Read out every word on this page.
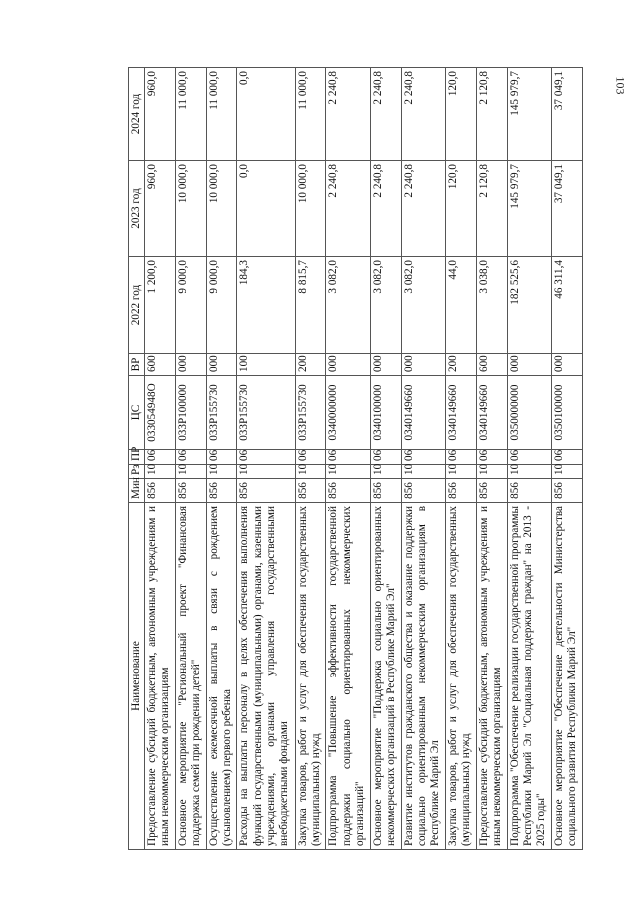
103
Наименование	Мин	Рз	ПР	ЦС	ВР	2022 год	2023 год	2024 год
Предоставление субсидий бюджетным, автономным учреждениям и иным некоммерческим организациям	856	10	06	033054948О	600	1 200,0	960,0	960,0
Основное мероприятие "Региональный проект "Финансовая поддержка семей при рождении детей"	856	10	06	033Р100000	000	9 000,0	10 000,0	11 000,0
Осуществление ежемесячной выплаты в связи с рождением (усыновлением) первого ребенка	856	10	06	033Р155730	000	9 000,0	10 000,0	11 000,0
Расходы на выплаты персоналу в целях обеспечения выполнения функций государственными (муниципальными) органами, казенными учреждениями, органами управления государственными внебюджетными фондами	856	10	06	033Р155730	100	184,3	0,0	0,0
Закупка товаров, работ и услуг для обеспечения государственных (муниципальных) нужд	856	10	06	033Р155730	200	8 815,7	10 000,0	11 000,0
Подпрограмма "Повышение эффективности государственной поддержки социально ориентированных некоммерческих организаций"	856	10	06	0340000000	000	3 082,0	2 240,8	2 240,8
Основное мероприятие "Поддержка социально ориентированных некоммерческих организаций в Республике Марий Эл"	856	10	06	0340100000	000	3 082,0	2 240,8	2 240,8
Развитие институтов гражданского общества и оказание поддержки социально ориентированным некоммерческим организациям в Республике Марий Эл	856	10	06	0340149660	000	3 082,0	2 240,8	2 240,8
Закупка товаров, работ и услуг для обеспечения государственных (муниципальных) нужд	856	10	06	0340149660	200	44,0	120,0	120,0
Предоставление субсидий бюджетным, автономным учреждениям и иным некоммерческим организациям	856	10	06	0340149660	600	3 038,0	2 120,8	2 120,8
Подпрограмма "Обеспечение реализации государственной программы Республики Марий Эл "Социальная поддержка граждан" на 2013 - 2025 годы"	856	10	06	0350000000	000	182 525,6	145 979,7	145 979,7
Основное мероприятие "Обеспечение деятельности Министерства социального развития Республики Марий Эл"	856	10	06	0350100000	000	46 311,4	37 049,1	37 049,1
